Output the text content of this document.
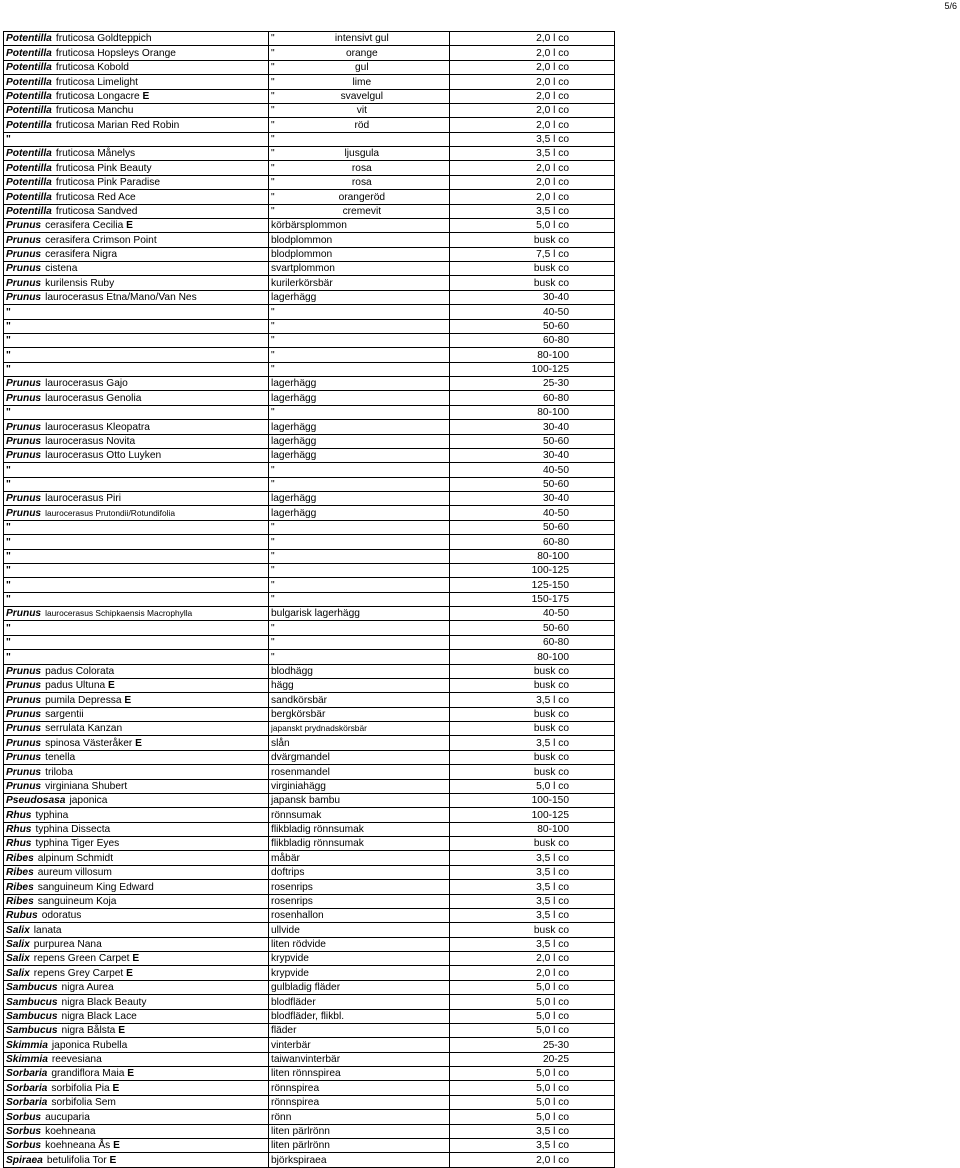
5/6
Potentilla fruticosa Goldteppich	" intensivt gul	2,0 l co
Potentilla fruticosa Hopsleys Orange	" orange	2,0 l co
Potentilla fruticosa Kobold	" gul	2,0 l co
Potentilla fruticosa Limelight	" lime	2,0 l co
Potentilla fruticosa Longacre E	" svavelgul	2,0 l co
Potentilla fruticosa Manchu	" vit	2,0 l co
Potentilla fruticosa Marian Red Robin	" röd	2,0 l co
"	"	3,5 l co
Potentilla fruticosa Månelys	" ljusgula	3,5 l co
Potentilla fruticosa Pink Beauty	" rosa	2,0 l co
Potentilla fruticosa Pink Paradise	" rosa	2,0 l co
Potentilla fruticosa Red Ace	" orangeröd	2,0 l co
Potentilla fruticosa Sandved	" cremevit	3,5 l co
Prunus cerasifera Cecilia E	körbärsplommon	5,0 l co
Prunus cerasifera Crimson Point	blodplommon	busk co
Prunus cerasifera Nigra	blodplommon	7,5 l co
Prunus cistena	svartplommon	busk co
Prunus kurilensis Ruby	kurilerkörsbär	busk co
Prunus laurocerasus Etna/Mano/Van Nes	lagerhägg	30-40
"	"	40-50
"	"	50-60
"	"	60-80
"	"	80-100
"	"	100-125
Prunus laurocerasus Gajo	lagerhägg	25-30
Prunus laurocerasus Genolia	lagerhägg	60-80
"	"	80-100
Prunus laurocerasus Kleopatra	lagerhägg	30-40
Prunus laurocerasus Novita	lagerhägg	50-60
Prunus laurocerasus Otto Luyken	lagerhägg	30-40
"	"	40-50
"	"	50-60
Prunus laurocerasus Piri	lagerhägg	30-40
Prunus laurocerasus Prutondii/Rotundifolia	lagerhägg	40-50
"	"	50-60
"	"	60-80
"	"	80-100
"	"	100-125
"	"	125-150
"	"	150-175
Prunus laurocerasus Schipkaensis Macrophylla	bulgarisk lagerhägg	40-50
"	"	50-60
"	"	60-80
"	"	80-100
Prunus padus Colorata	blodhägg	busk co
Prunus padus Ultuna E	hägg	busk co
Prunus pumila Depressa E	sandkörsbär	3,5 l co
Prunus sargentii	bergkörsbär	busk co
Prunus serrulata Kanzan	japanskt prydnadskörsbär	busk co
Prunus spinosa Västeråker E	slån	3,5 l co
Prunus tenella	dvärgmandel	busk co
Prunus triloba	rosenmandel	busk co
Prunus virginiana Shubert	virginiahägg	5,0 l co
Pseudosasa japonica	japansk bambu	100-150
Rhus typhina	rönnsumak	100-125
Rhus typhina Dissecta	flikbladig rönnsumak	80-100
Rhus typhina Tiger Eyes	flikbladig rönnsumak	busk co
Ribes alpinum Schmidt	måbär	3,5 l co
Ribes aureum villosum	doftrips	3,5 l co
Ribes sanguineum King Edward	rosenrips	3,5 l co
Ribes sanguineum Koja	rosenrips	3,5 l co
Rubus odoratus	rosenhallon	3,5 l co
Salix lanata	ullvide	busk co
Salix purpurea Nana	liten rödvide	3,5 l co
Salix repens Green Carpet E	krypvide	2,0 l co
Salix repens Grey Carpet E	krypvide	2,0 l co
Sambucus nigra Aurea	gulbladig fläder	5,0 l co
Sambucus nigra Black Beauty	blodfläder	5,0 l co
Sambucus nigra Black Lace	blodfläder, flikbl.	5,0 l co
Sambucus nigra Bålsta E	fläder	5,0 l co
Skimmia japonica Rubella	vinterbär	25-30
Skimmia reevesiana	taiwanvinterbär	20-25
Sorbaria grandiflora Maia E	liten rönnspirea	5,0 l co
Sorbaria sorbifolia Pia E	rönnspirea	5,0 l co
Sorbaria sorbifolia Sem	rönnspirea	5,0 l co
Sorbus aucuparia	rönn	5,0 l co
Sorbus koehneana	liten pärlrönn	3,5 l co
Sorbus koehneana Ås E	liten pärlrönn	3,5 l co
Spiraea betulifolia Tor E	björkspiraea	2,0 l co
